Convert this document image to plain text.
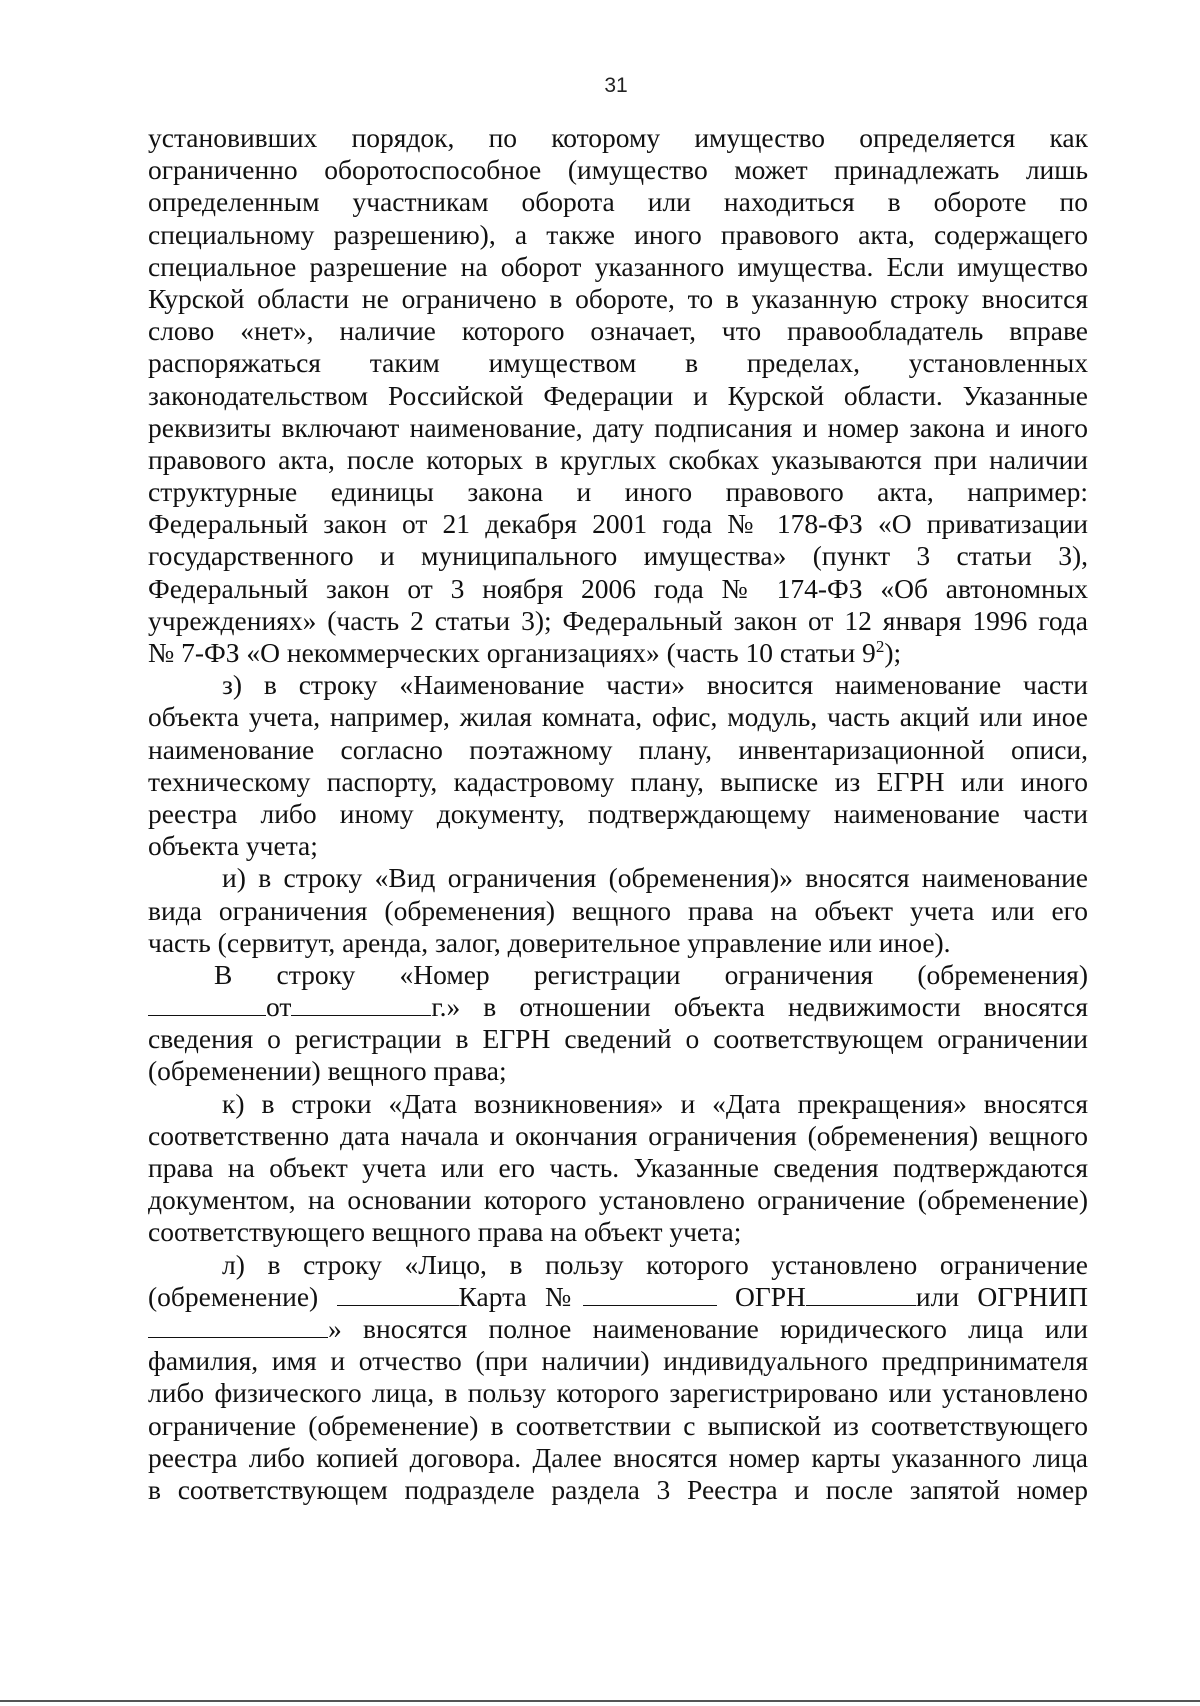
31
установивших порядок, по которому имущество определяется как
ограниченно оборотоспособное (имущество может принадлежать лишь
определенным участникам оборота или находиться в обороте по
специальному разрешению), а также иного правового акта, содержащего
специальное разрешение на оборот указанного имущества. Если имущество
Курской области не ограничено в обороте, то в указанную строку вносится
слово «нет», наличие которого означает, что правообладатель вправе
распоряжаться таким имуществом в пределах, установленных
законодательством Российской Федерации и Курской области. Указанные
реквизиты включают наименование, дату подписания и номер закона и иного
правового акта, после которых в круглых скобках указываются при наличии
структурные единицы закона и иного правового акта, например:
Федеральный закон от 21 декабря 2001 года № 178-ФЗ «О приватизации
государственного и муниципального имущества» (пункт 3 статьи 3),
Федеральный закон от 3 ноября 2006 года № 174-ФЗ «Об автономных
учреждениях» (часть 2 статьи 3); Федеральный закон от 12 января 1996 года
№ 7-ФЗ «О некоммерческих организациях» (часть 10 статьи $9^2$);
з) в строку «Наименование части» вносится наименование части
объекта учета, например, жилая комната, офис, модуль, часть акций или иное
наименование согласно поэтажному плану, инвентаризационной описи,
техническому паспорту, кадастровому плану, выписке из ЕГРН или иного
реестра либо иному документу, подтверждающему наименование части
объекта учета;
и) в строку «Вид ограничения (обременения)» вносятся наименование
вида ограничения (обременения) вещного права на объект учета или его
часть (сервитут, аренда, залог, доверительное управление или иное).
В строку «Номер регистрации ограничения (обременения)
от	г.» в отношении объекта недвижимости вносятся
сведения о регистрации в ЕГРН сведений о соответствующем ограничении
(обременении) вещного права;
к) в строки «Дата возникновения» и «Дата прекращения» вносятся
соответственно дата начала и окончания ограничения (обременения) вещного
права на объект учета или его часть. Указанные сведения подтверждаются
документом, на основании которого установлено ограничение (обременение)
соответствующего вещного права на объект учета;
л) в строку «Лицо, в пользу которого установлено ограничение
(обременение)	Карта №	ОГРН	или ОГРНИП
» вносятся полное наименование юридического лица или
фамилия, имя и отчество (при наличии) индивидуального предпринимателя
либо физического лица, в пользу которого зарегистрировано или установлено
ограничение (обременение) в соответствии с выпиской из соответствующего
реестра либо копией договора. Далее вносятся номер карты указанного лица
в соответствующем подразделе раздела 3 Реестра и после запятой номер
